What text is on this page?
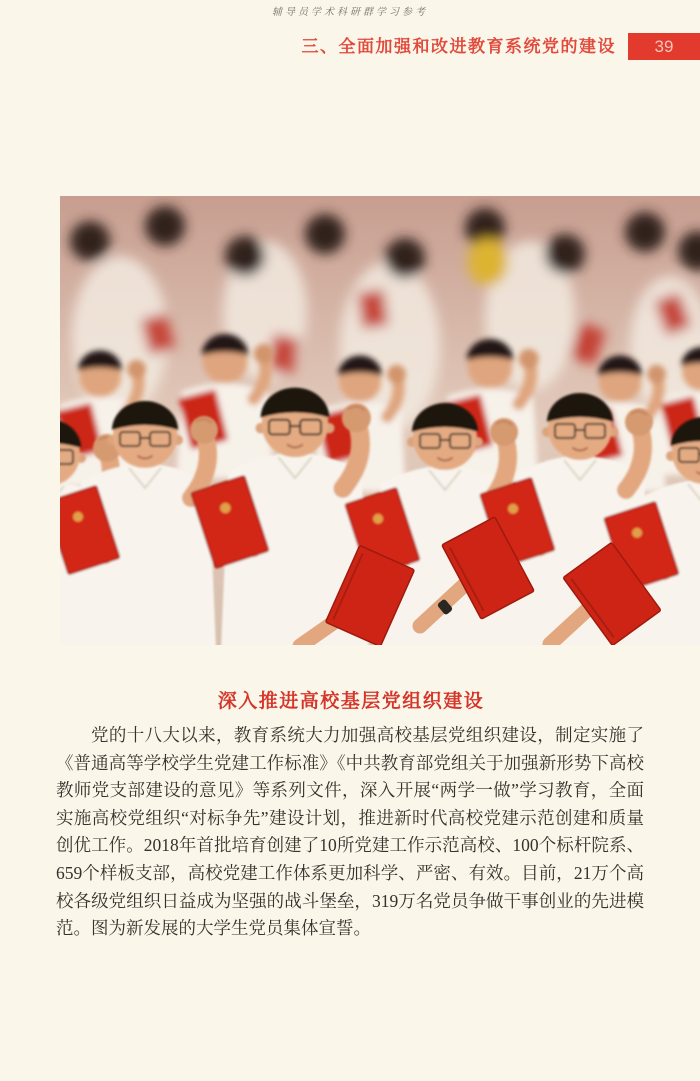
辅导员学术科研群学习参考
三、全面加强和改进教育系统党的建设	39
深入推进高校基层党组织建设

党的十八大以来，教育系统大力加强高校基层党组织建设，制定实施了《普通高等学校学生党建工作标准》《中共教育部党组关于加强新形势下高校教师党支部建设的意见》等系列文件，深入开展“两学一做”学习教育，全面实施高校党组织“对标争先”建设计划，推进新时代高校党建示范创建和质量创优工作。2018年首批培育创建了10所党建工作示范高校、100个标杆院系、659个样板支部，高校党建工作体系更加科学、严密、有效。目前，21万个高校各级党组织日益成为坚强的战斗堡垒，319万名党员争做干事创业的先进模范。图为新发展的大学生党员集体宣誓。
